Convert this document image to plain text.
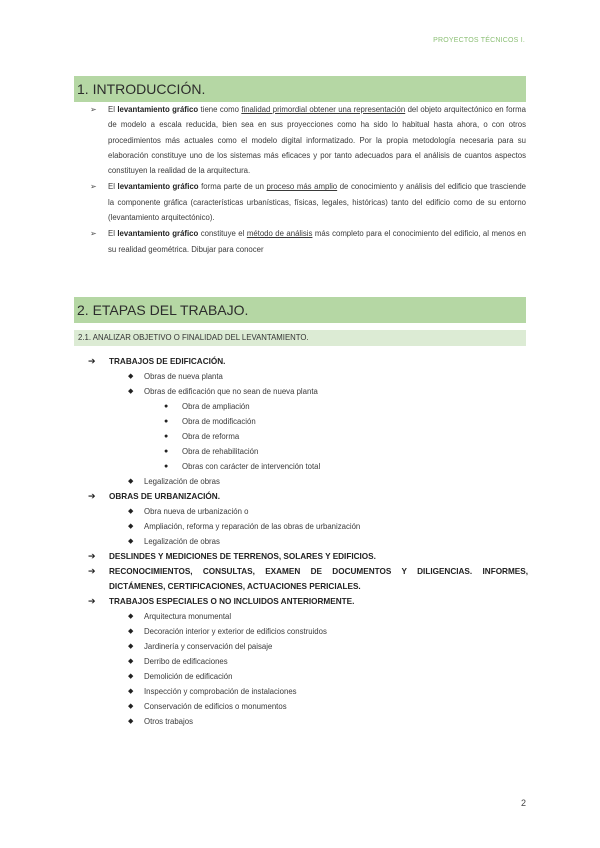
PROYECTOS TÉCNICOS I.
1. INTRODUCCIÓN.

➢ El levantamiento gráfico tiene como finalidad primordial obtener una representación del objeto arquitectónico en forma de modelo a escala reducida, bien sea en sus proyecciones como ha sido lo habitual hasta ahora, o con otros procedimientos más actuales como el modelo digital informatizado. Por la propia metodología necesaria para su elaboración constituye uno de los sistemas más eficaces y por tanto adecuados para el análisis de cuantos aspectos constituyen la realidad de la arquitectura.

➢ El levantamiento gráfico forma parte de un proceso más amplio de conocimiento y análisis del edificio que trasciende la componente gráfica (características urbanísticas, físicas, legales, históricas) tanto del edificio como de su entorno (levantamiento arquitectónico).

➢ El levantamiento gráfico constituye el método de análisis más completo para el conocimiento del edificio, al menos en su realidad geométrica. Dibujar para conocer

2. ETAPAS DEL TRABAJO.
2.1. ANALIZAR OBJETIVO O FINALIDAD DEL LEVANTAMIENTO.
➔ TRABAJOS DE EDIFICACIÓN.
◆ Obras de nueva planta
◆ Obras de edificación que no sean de nueva planta
● Obra de ampliación
● Obra de modificación
● Obra de reforma
● Obra de rehabilitación
● Obras con carácter de intervención total
◆ Legalización de obras
➔ OBRAS DE URBANIZACIÓN.
◆ Obra nueva de urbanización o
◆ Ampliación, reforma y reparación de las obras de urbanización
◆ Legalización de obras
➔ DESLINDES Y MEDICIONES DE TERRENOS, SOLARES Y EDIFICIOS.
➔ RECONOCIMIENTOS, CONSULTAS, EXAMEN DE DOCUMENTOS Y DILIGENCIAS. INFORMES, DICTÁMENES, CERTIFICACIONES, ACTUACIONES PERICIALES.
➔ TRABAJOS ESPECIALES O NO INCLUIDOS ANTERIORMENTE.
◆ Arquitectura monumental
◆ Decoración interior y exterior de edificios construidos
◆ Jardinería y conservación del paisaje
◆ Derribo de edificaciones
◆ Demolición de edificación
◆ Inspección y comprobación de instalaciones
◆ Conservación de edificios o monumentos
◆ Otros trabajos
2
